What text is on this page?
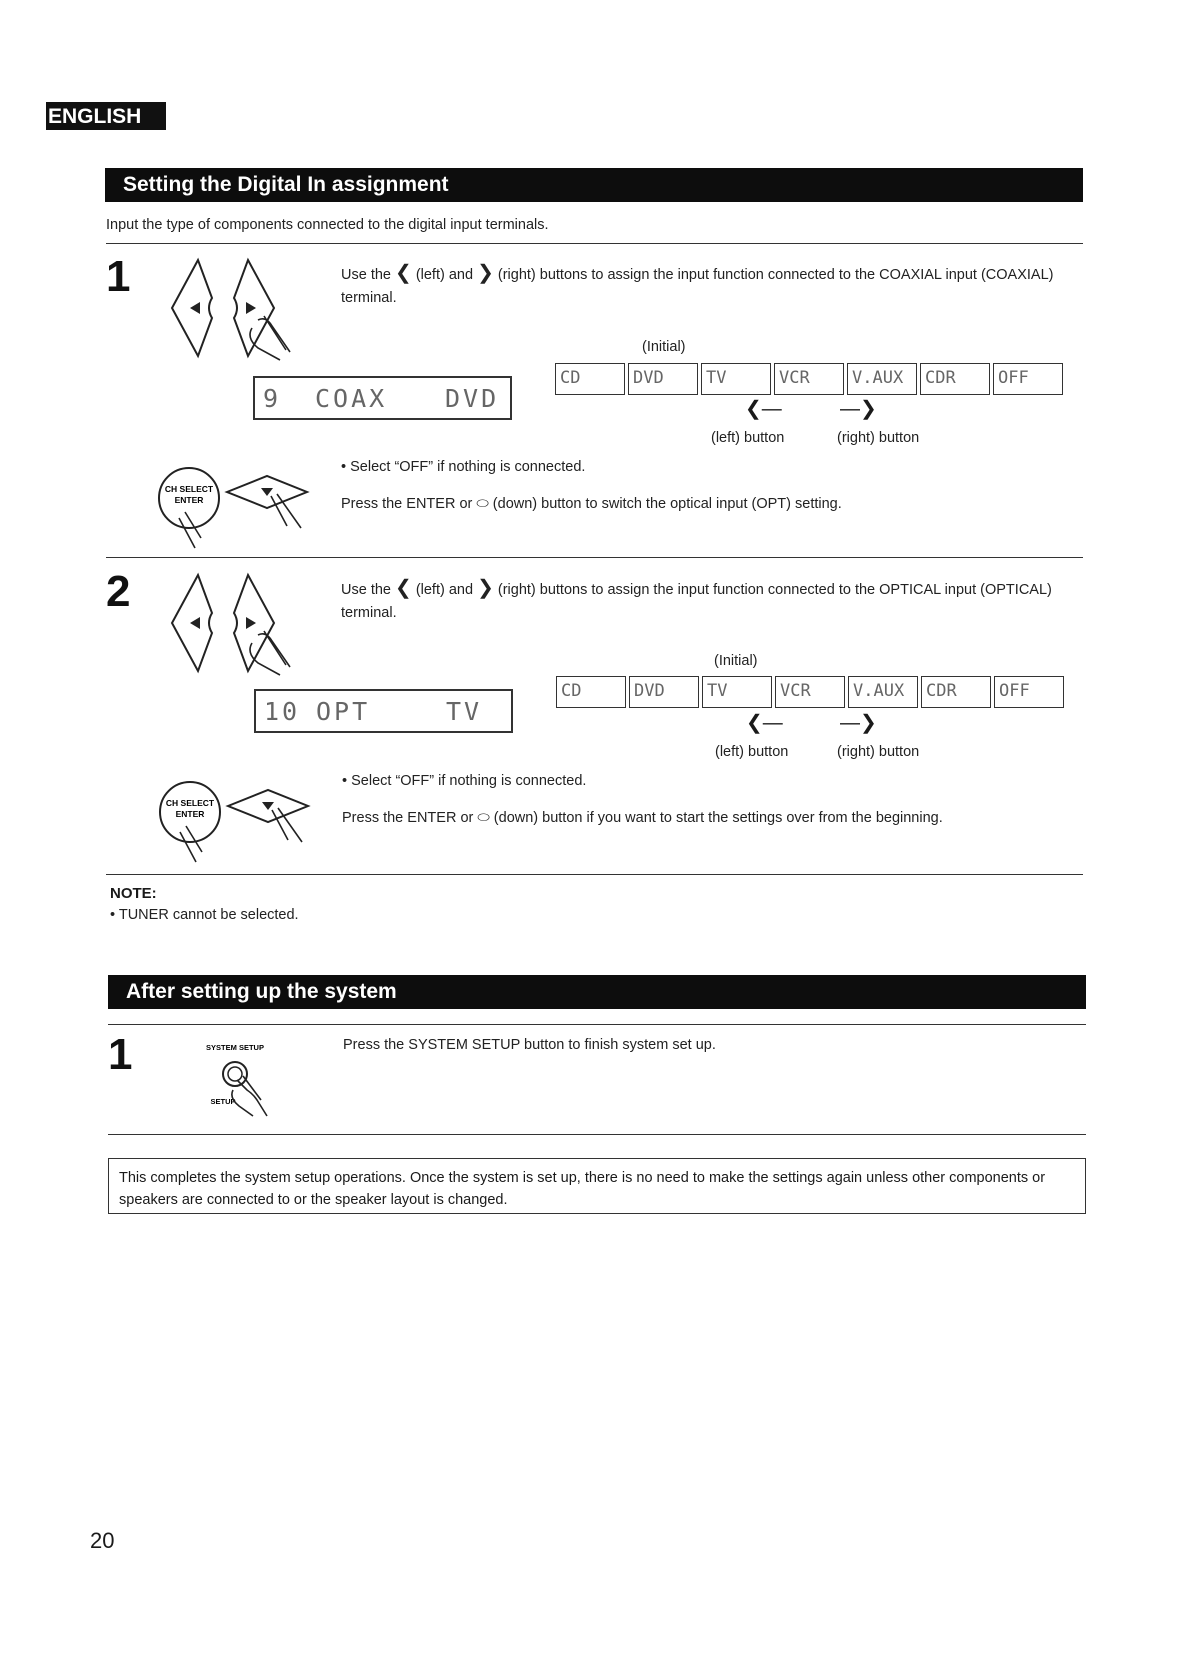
ENGLISH
Setting the Digital In assignment
Input the type of components connected to the digital input terminals.
1	Use the ❮ (left) and ❯ (right) buttons to assign the input function connected to the COAXIAL input (COAXIAL) terminal.
(Initial)
9	COAX	DVD
CD	DVD	TV	VCR	V.AUX	CDR	OFF
❮—	—❯
(left) button	(right) button
CH SELECT
ENTER
• Select “OFF” if nothing is connected.
Press the ENTER or ⬭ (down) button to switch the optical input (OPT) setting.
2	Use the ❮ (left) and ❯ (right) buttons to assign the input function connected to the OPTICAL input (OPTICAL) terminal.
(Initial)
10 OPT	TV
CD	DVD	TV	VCR	V.AUX	CDR	OFF
❮—	—❯
(left) button	(right) button
CH SELECT
ENTER
• Select “OFF” if nothing is connected.
Press the ENTER or ⬭ (down) button if you want to start the settings over from the beginning.
NOTE:
• TUNER cannot be selected.
After setting up the system
1	SYSTEM SETUP
SETUP
Press the SYSTEM SETUP button to finish system set up.
This completes the system setup operations. Once the system is set up, there is no need to make the settings again unless other components or speakers are connected to or the speaker layout is changed.
20
